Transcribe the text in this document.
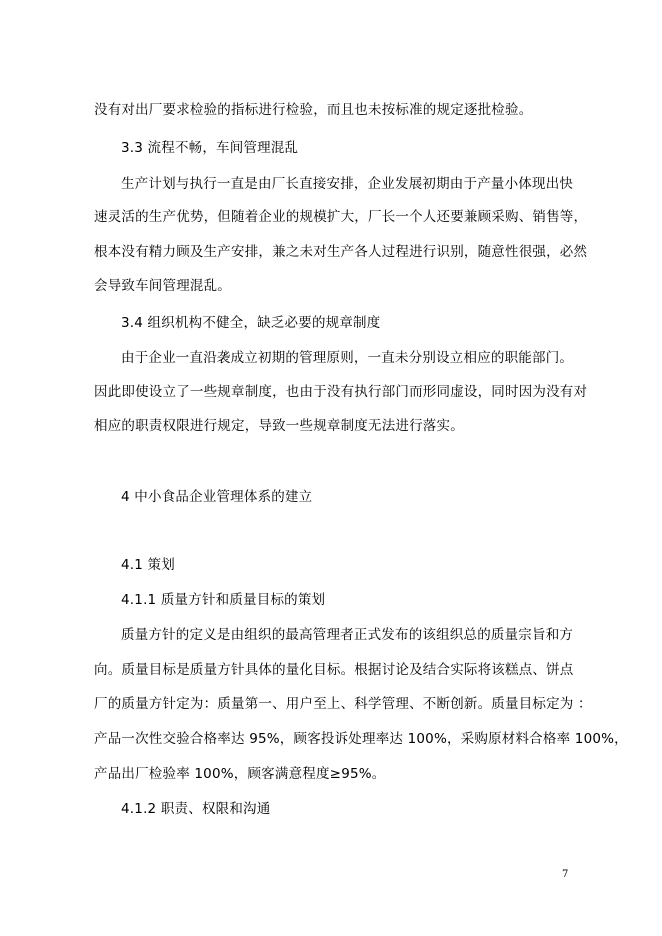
没有对出厂要求检验的指标进行检验，而且也未按标准的规定逐批检验。
3.3 流程不畅，车间管理混乱
生产计划与执行一直是由厂长直接安排，企业发展初期由于产量小体现出快
速灵活的生产优势，但随着企业的规模扩大，厂长一个人还要兼顾采购、销售等，
根本没有精力顾及生产安排，兼之未对生产各人过程进行识别，随意性很强，必然
会导致车间管理混乱。
3.4 组织机构不健全，缺乏必要的规章制度
由于企业一直沿袭成立初期的管理原则，一直未分别设立相应的职能部门。
因此即使设立了一些规章制度，也由于没有执行部门而形同虚设，同时因为没有对
相应的职责权限进行规定，导致一些规章制度无法进行落实。
4 中小食品企业管理体系的建立
4.1 策划
4.1.1 质量方针和质量目标的策划
质量方针的定义是由组织的最高管理者正式发布的该组织总的质量宗旨和方
向。质量目标是质量方针具体的量化目标。根据讨论及结合实际将该糕点、饼点
厂的质量方针定为：质量第一、用户至上、科学管理、不断创新。质量目标定为 ：
产品一次性交验合格率达 95%，顾客投诉处理率达 100%，采购原材料合格率 100%，
产品出厂检验率 100%，顾客满意程度≥95%。
4.1.2 职责、权限和沟通
7
